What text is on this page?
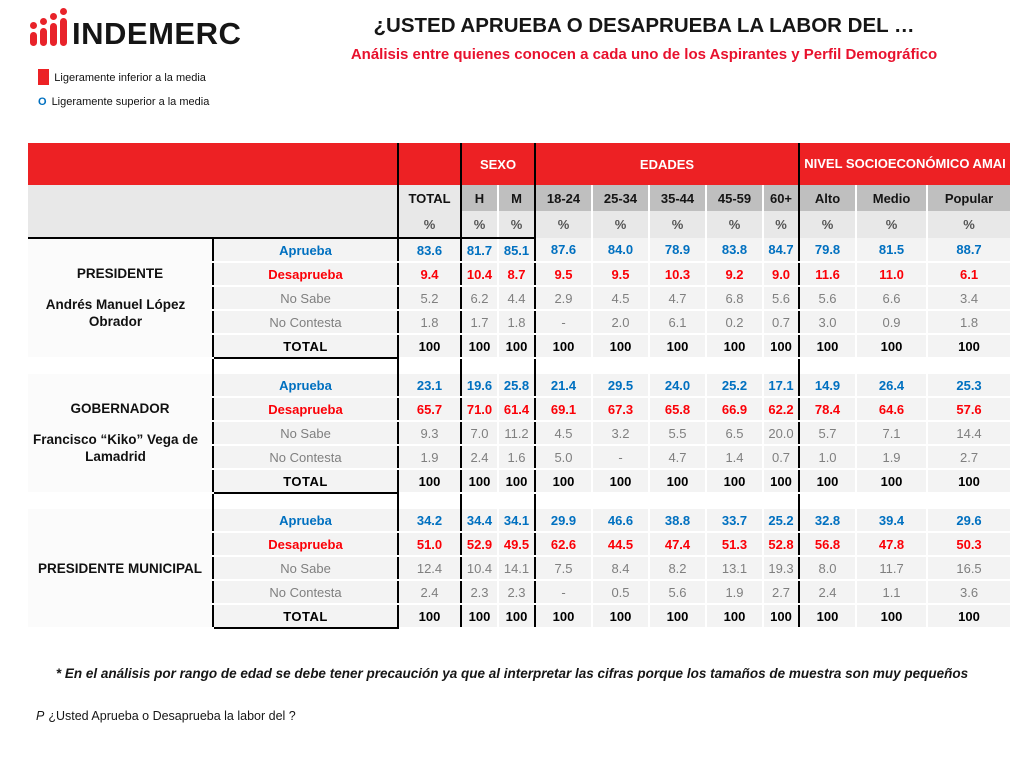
INDEMERC
O Ligeramente inferior a la media
O Ligeramente superior a la media
¿USTED APRUEBA O DESAPRUEBA LA LABOR DEL …
Análisis entre quienes conocen a cada uno de los Aspirantes y Perfil Demográfico
			SEXO		EDADES					NIVEL SOCIOECONÓMICO AMAI		
		TOTAL	H	M	18-24	25-34	35-44	45-59	60+	Alto	Medio	Popular
		%	%	%	%	%	%	%	%	%	%	%

PRESIDENTE
Andrés Manuel López Obrador	Aprueba	83.6	81.7	85.1	87.6	84.0	78.9	83.8	84.7	79.8	81.5	88.7
	Desaprueba	9.4	10.4	8.7	9.5	9.5	10.3	9.2	9.0	11.6	11.0	6.1
	No Sabe	5.2	6.2	4.4	2.9	4.5	4.7	6.8	5.6	5.6	6.6	3.4
	No Contesta	1.8	1.7	1.8	-	2.0	6.1	0.2	0.7	3.0	0.9	1.8
	TOTAL	100	100	100	100	100	100	100	100	100	100	100

GOBERNADOR
Francisco “Kiko” Vega de Lamadrid	Aprueba	23.1	19.6	25.8	21.4	29.5	24.0	25.2	17.1	14.9	26.4	25.3
	Desaprueba	65.7	71.0	61.4	69.1	67.3	65.8	66.9	62.2	78.4	64.6	57.6
	No Sabe	9.3	7.0	11.2	4.5	3.2	5.5	6.5	20.0	5.7	7.1	14.4
	No Contesta	1.9	2.4	1.6	5.0	-	4.7	1.4	0.7	1.0	1.9	2.7
	TOTAL	100	100	100	100	100	100	100	100	100	100	100

PRESIDENTE MUNICIPAL	Aprueba	34.2	34.4	34.1	29.9	46.6	38.8	33.7	25.2	32.8	39.4	29.6
	Desaprueba	51.0	52.9	49.5	62.6	44.5	47.4	51.3	52.8	56.8	47.8	50.3
	No Sabe	12.4	10.4	14.1	7.5	8.4	8.2	13.1	19.3	8.0	11.7	16.5
	No Contesta	2.4	2.3	2.3	-	0.5	5.6	1.9	2.7	2.4	1.1	3.6
	TOTAL	100	100	100	100	100	100	100	100	100	100	100
* En el análisis por rango de edad se debe tener precaución ya que al interpretar las cifras porque los tamaños de muestra son muy pequeños
P ¿Usted Aprueba o Desaprueba la labor del ?
